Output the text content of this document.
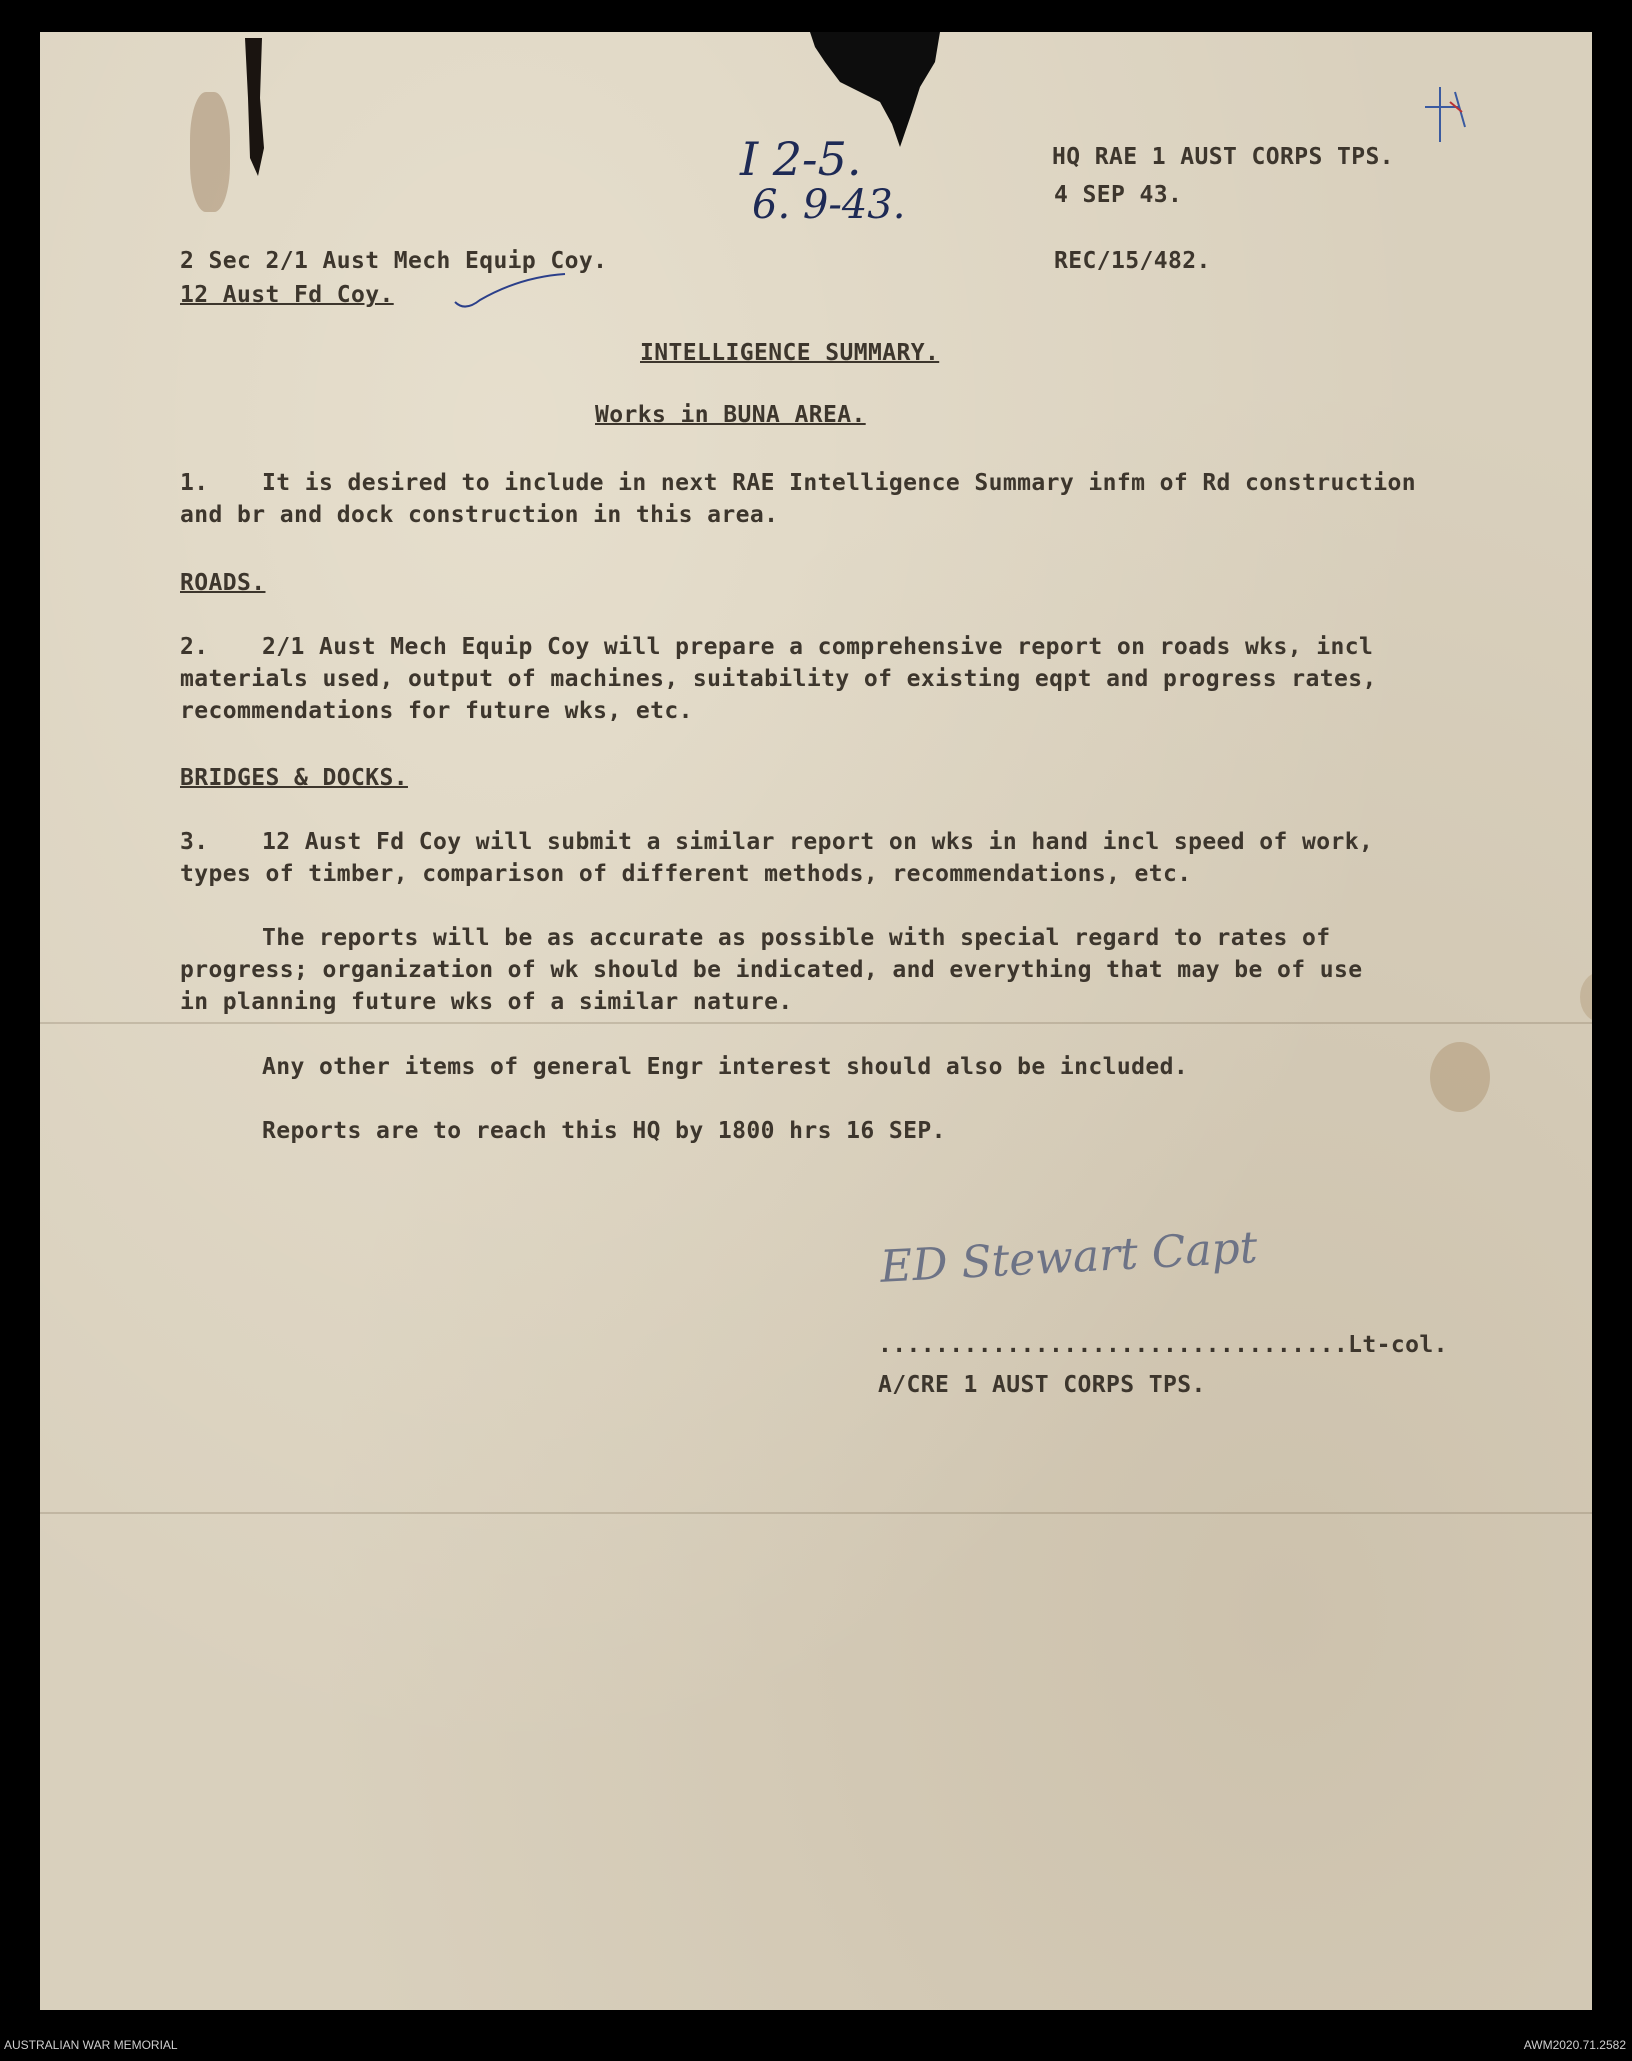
I 2-5.
6. 9-43.
HQ RAE 1 AUST CORPS TPS.
4 SEP 43.
REC/15/482.
2 Sec 2/1 Aust Mech Equip Coy.
12 Aust Fd Coy.
INTELLIGENCE SUMMARY.
Works in BUNA AREA.
1. It is desired to include in next RAE Intelligence Summary infm of Rd construction
and br and dock construction in this area.
ROADS.
2. 2/1 Aust Mech Equip Coy will prepare a comprehensive report on roads wks, incl
materials used, output of machines, suitability of existing eqpt and progress rates,
recommendations for future wks, etc.
BRIDGES & DOCKS.
3. 12 Aust Fd Coy will submit a similar report on wks in hand incl speed of work,
types of timber, comparison of different methods, recommendations, etc.
The reports will be as accurate as possible with special regard to rates of
progress; organization of wk should be indicated, and everything that may be of use
in planning future wks of a similar nature.
Any other items of general Engr interest should also be included.
Reports are to reach this HQ by 1800 hrs 16 SEP.
ED Stewart Capt
.................................Lt-col.
A/CRE 1 AUST CORPS TPS.
AUSTRALIAN WAR MEMORIAL	AWM2020.71.2582
